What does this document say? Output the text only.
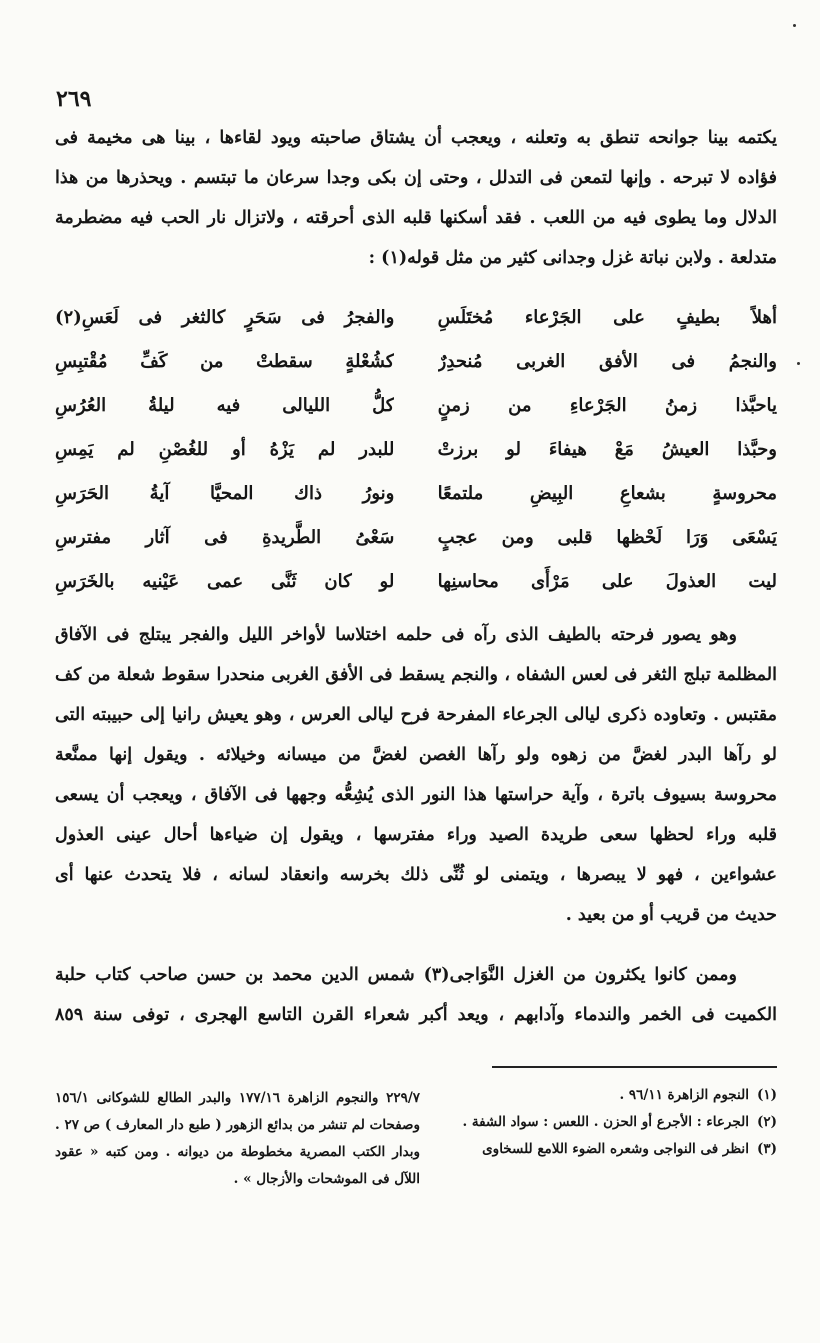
٢٦٩
يكتمه بينا جوانحه تنطق به وتعلنه ، ويعجب أن يشتاق صاحبته ويود لقاءها ، بينا هى مخيمة فى
فؤاده لا تبرحه . وإنها لتمعن فى التدلل ، وحتى إن بكى وجدا سرعان ما تبتسم . ويحذرها من هذا
الدلال وما يطوى فيه من اللعب . فقد أسكنها قلبه الذى أحرقته ، ولاتزال نار الحب فيه مضطرمة
متدلعة . ولابن نباتة غزل وجدانى كثير من مثل قوله(١) :
أهلاً بطيفٍ على الجَرْعاء مُختَلَسِ
والفجرُ فى سَحَرٍ كالثغر فى لَعَسِ(٢)
والنجمُ فى الأفق الغربى مُنحدِرٌ
كشُعْلةٍ سقطتْ من كَفِّ مُقْتبِسِ
ياحبَّذا زمنُ الجَرْعاءِ من زمنٍ
كلُّ الليالى فيه ليلةُ العُرُسِ
وحبَّذا العيشُ مَعْ هيفاءَ لو برزتْ
للبدر لم يَزْهُ أو للغُصْنِ لم يَمِسِ
محروسةٍ بشعاعِ البِيضِ ملتمعًا
ونورُ ذاك المحيَّا آيةُ الحَرَسِ
يَسْعَى وَرَا لَحْظها قلبى ومن عجبٍ
سَعْىُ الطَّريدةِ فى آثار مفترسِ
ليت العذولَ على مَرْأَى محاسنِها
لو كان ثَنَّى عمى عَيْنيه بالخَرَسِ
وهو يصور فرحته بالطيف الذى رآه فى حلمه اختلاسا لأواخر الليل والفجر يبتلج فى الآفاق
المظلمة تبلج الثغر فى لعس الشفاه ، والنجم يسقط فى الأفق الغربى منحدرا سقوط شعلة من كف
مقتبس . وتعاوده ذكرى ليالى الجرعاء المفرحة فرح ليالى العرس ، وهو يعيش رانيا إلى حبيبته التى
لو رآها البدر لغضَّ من زهوه ولو رآها الغصن لغضَّ من ميسانه وخيلائه . ويقول إنها ممنَّعة
محروسة بسيوف باترة ، وآية حراستها هذا النور الذى يُشِعُّه وجهها فى الآفاق ، ويعجب أن يسعى
قلبه وراء لحظها سعى طريدة الصيد وراء مفترسها ، ويقول إن ضياءها أحال عينى العذول
عشواءين ، فهو لا يبصرها ، ويتمنى لو ثُنِّى ذلك بخرسه وانعقاد لسانه ، فلا يتحدث عنها أى
حديث من قريب أو من بعيد .
وممن كانوا يكثرون من الغزل النَّوَاجى(٣) شمس الدين محمد بن حسن صاحب كتاب حلبة
الكميت فى الخمر والندماء وآدابهم ، ويعد أكبر شعراء القرن التاسع الهجرى ، توفى سنة ٨٥٩
(١)النجوم الزاهرة ٩٦/١١ .
(٢)الجرعاء : الأجرع أو الحزن . اللعس : سواد الشفة .
(٣)انظر فى النواجى وشعره الضوء اللامع للسخاوى
٢٢٩/٧ والنجوم الزاهرة ١٧٧/١٦ والبدر الطالع للشوكانى ١٥٦/١ وصفحات لم تنشر من بدائع الزهور ( طبع دار المعارف ) ص ٢٧ . وبدار الكتب المصرية مخطوطة من ديوانه . ومن كتبه « عقود اللآل فى الموشحات والأزجال » .
